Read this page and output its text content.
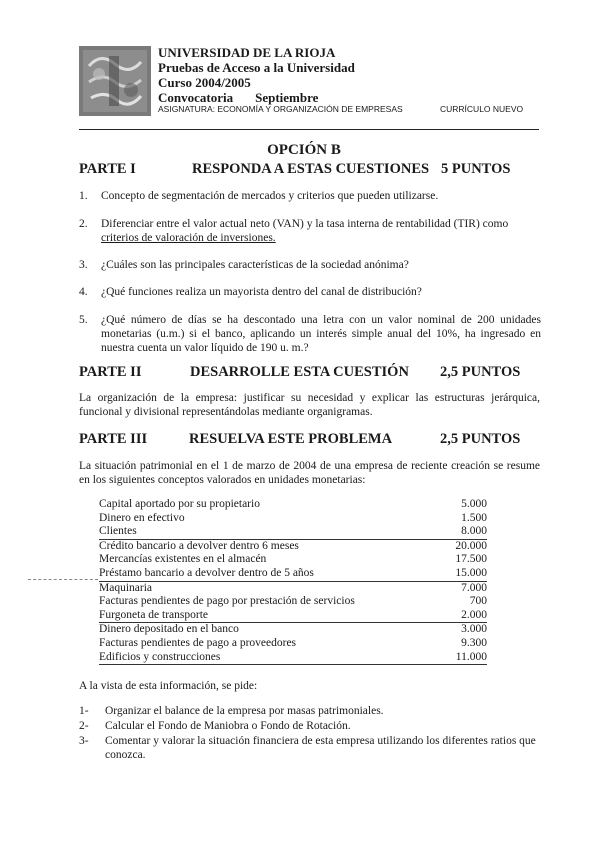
UNIVERSIDAD DE LA RIOJA
Pruebas de Acceso a la Universidad
Curso 2004/2005
Convocatoria Septiembre
ASIGNATURA: ECONOMÍA Y ORGANIZACIÓN DE EMPRESAS	CURRÍCULO NUEVO
OPCIÓN B
PARTE I	RESPONDA A ESTAS CUESTIONES 5 PUNTOS
1. Concepto de segmentación de mercados y criterios que pueden utilizarse.
2. Diferenciar entre el valor actual neto (VAN) y la tasa interna de rentabilidad (TIR) como
criterios de valoración de inversiones.
3. ¿Cuáles son las principales características de la sociedad anónima?
4. ¿Qué funciones realiza un mayorista dentro del canal de distribución?
5. ¿Qué número de días se ha descontado una letra con un valor nominal de 200 unidades monetarias (u.m.) si el banco, aplicando un interés simple anual del 10%, ha ingresado en nuestra cuenta un valor líquido de 190 u. m.?
PARTE II	DESARROLLE ESTA CUESTIÓN 2,5 PUNTOS
La organización de la empresa: justificar su necesidad y explicar las estructuras jerárquica, funcional y divisional representándolas mediante organigramas.
PARTE III	RESUELVA ESTE PROBLEMA	2,5 PUNTOS
La situación patrimonial en el 1 de marzo de 2004 de una empresa de reciente creación se resume en los siguientes conceptos valorados en unidades monetarias:
Capital aportado por su propietario	5.000
Dinero en efectivo	1.500
Clientes	8.000
Crédito bancario a devolver dentro 6 meses	20.000
Mercancías existentes en el almacén	17.500
Préstamo bancario a devolver dentro de 5 años	15.000
Maquinaria	7.000
Facturas pendientes de pago por prestación de servicios	700
Furgoneta de transporte	2.000
Dinero depositado en el banco	3.000
Facturas pendientes de pago a proveedores	9.300
Edificios y construcciones	11.000
A la vista de esta información, se pide:
1- Organizar el balance de la empresa por masas patrimoniales.
2- Calcular el Fondo de Maniobra o Fondo de Rotación.
3- Comentar y valorar la situación financiera de esta empresa utilizando los diferentes ratios que conozca.
